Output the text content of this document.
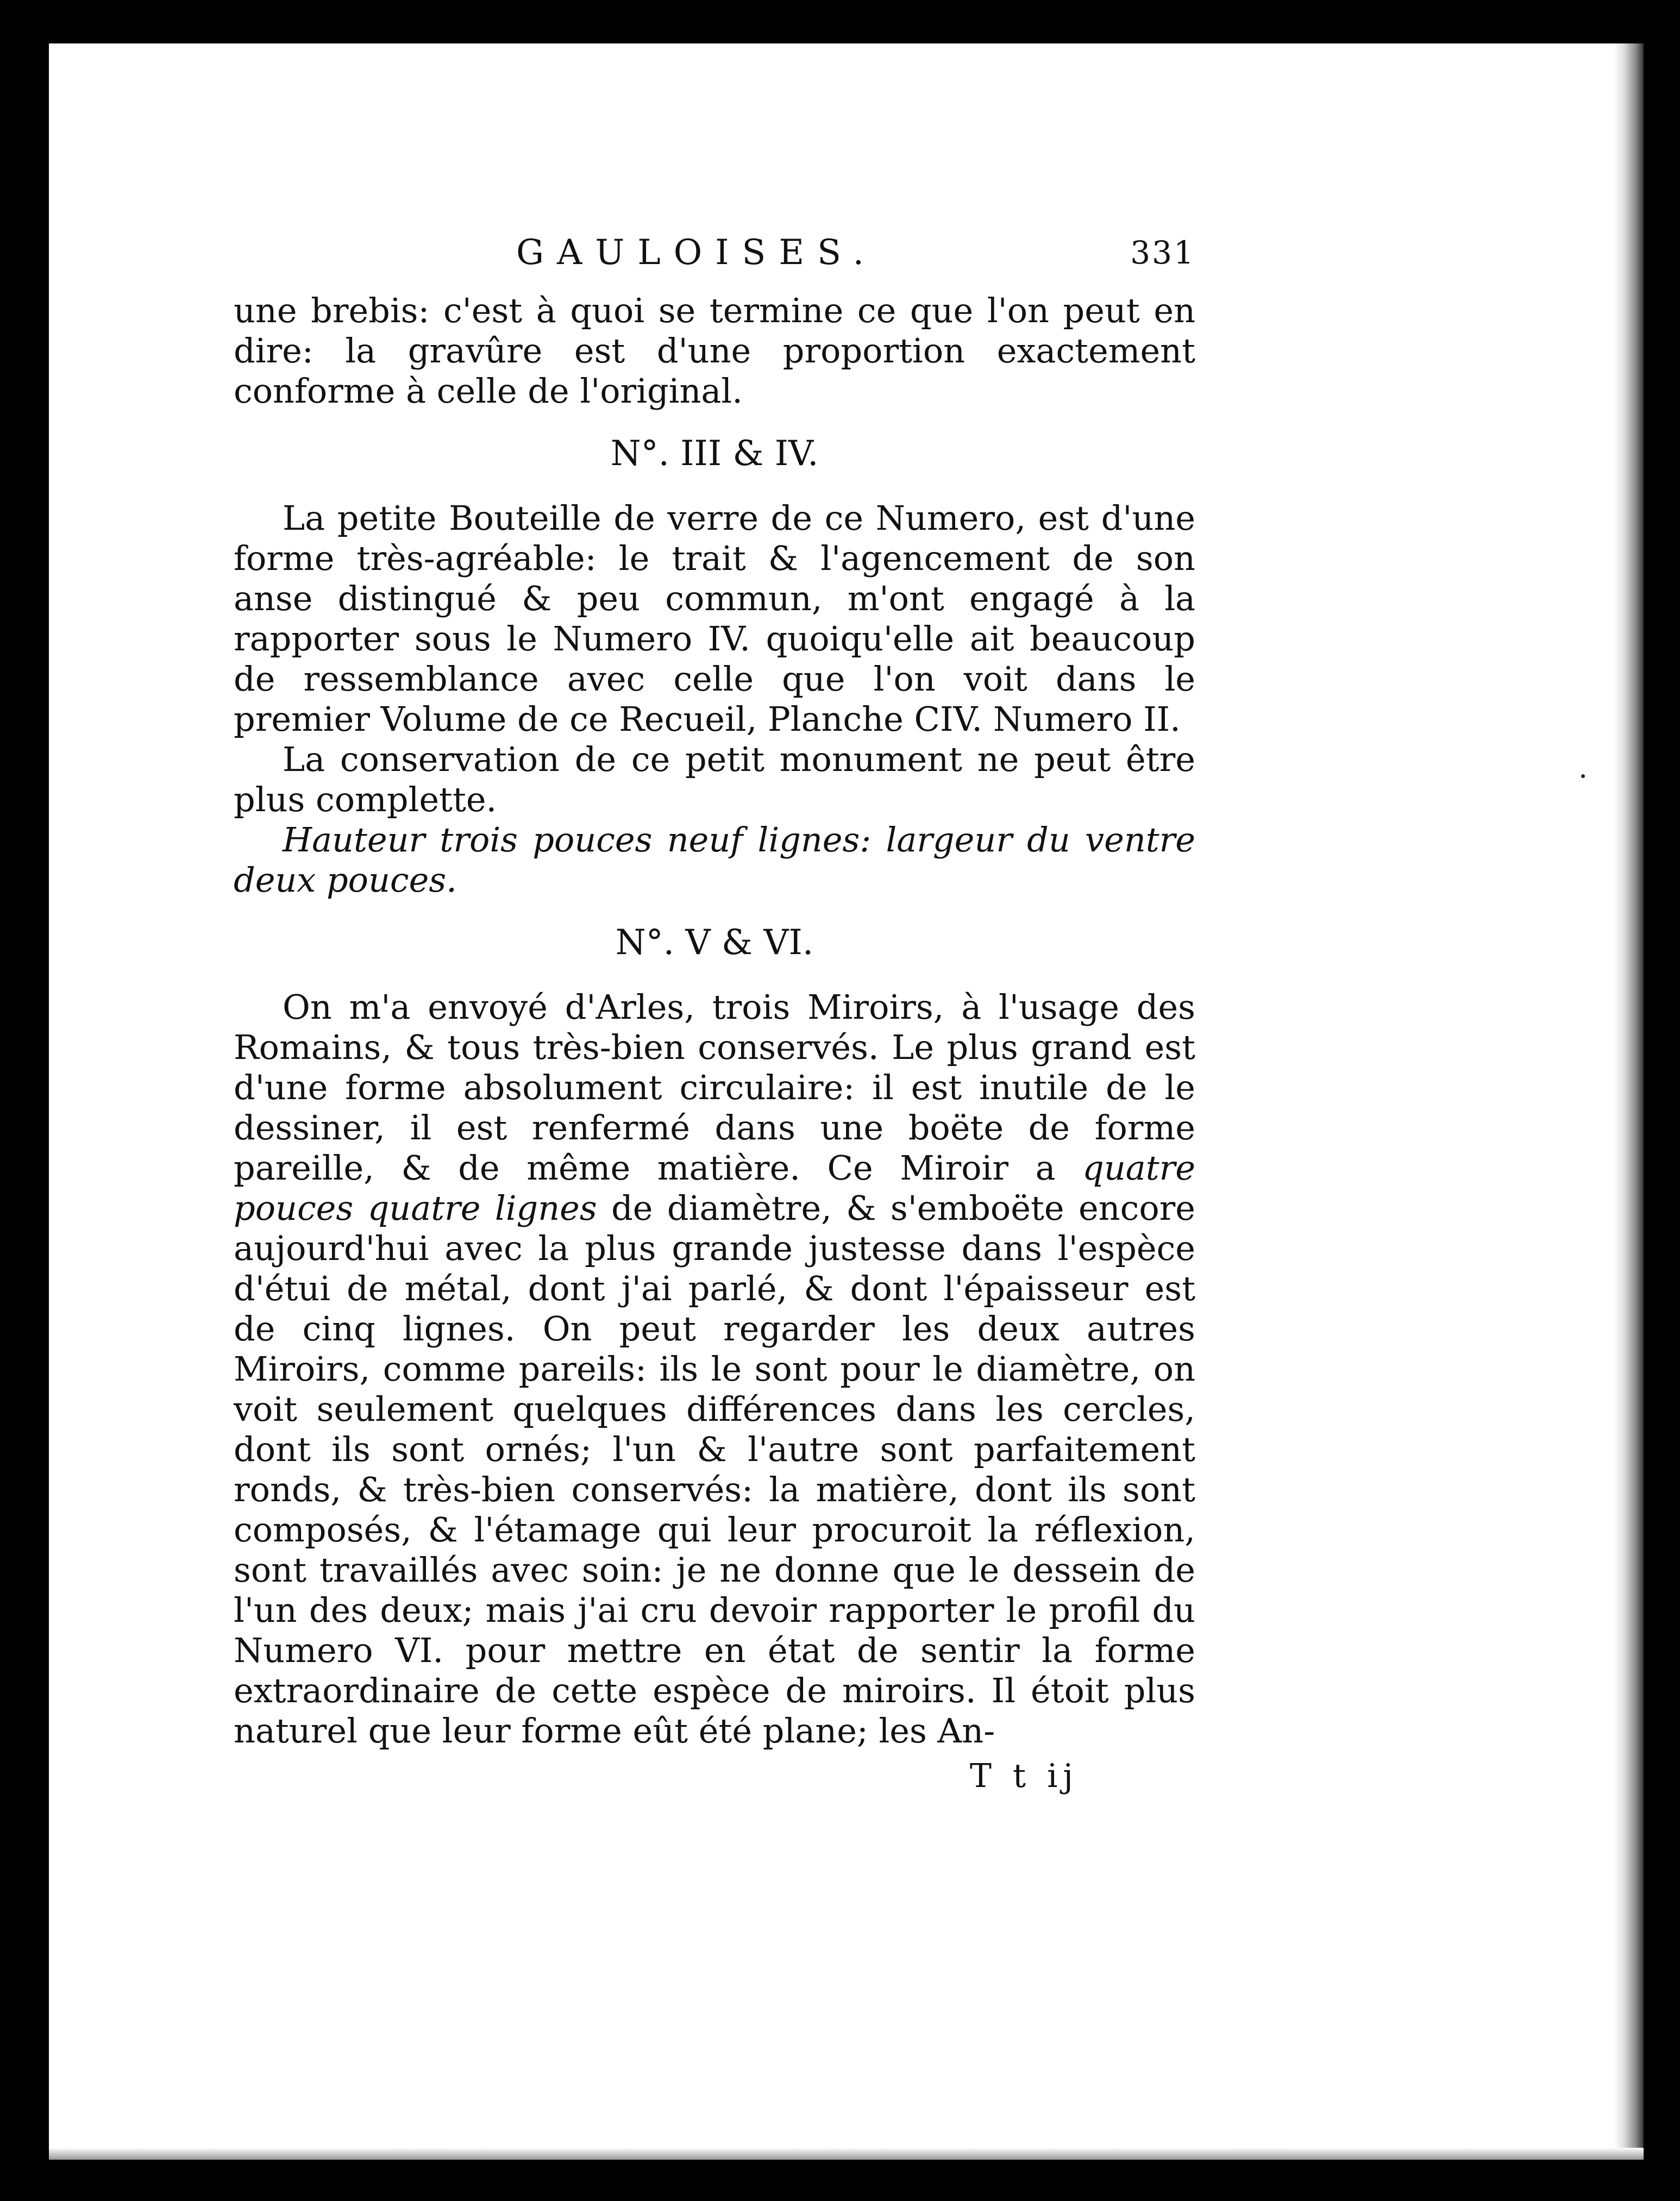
GAULOISES.	331

une brebis: c'est à quoi se termine ce que l'on peut en dire: la gravûre est d'une proportion exactement conforme à celle de l'original.

N°. III & IV.

La petite Bouteille de verre de ce Numero, est d'une forme très-agréable: le trait & l'agencement de son anse distingué & peu commun, m'ont engagé à la rapporter sous le Numero IV. quoiqu'elle ait beaucoup de ressemblance avec celle que l'on voit dans le premier Volume de ce Recueil, Planche CIV. Numero II.

La conservation de ce petit monument ne peut être plus complette.

Hauteur trois pouces neuf lignes: largeur du ventre deux pouces.

N°. V & VI.

On m'a envoyé d'Arles, trois Miroirs, à l'usage des Romains, & tous très-bien conservés. Le plus grand est d'une forme absolument circulaire: il est inutile de le dessiner, il est renfermé dans une boëte de forme pareille, & de même matière. Ce Miroir a quatre pouces quatre lignes de diamètre, & s'emboëte encore aujourd'hui avec la plus grande justesse dans l'espèce d'étui de métal, dont j'ai parlé, & dont l'épaisseur est de cinq lignes. On peut regarder les deux autres Miroirs, comme pareils: ils le sont pour le diamètre, on voit seulement quelques différences dans les cercles, dont ils sont ornés; l'un & l'autre sont parfaitement ronds, & très-bien conservés: la matière, dont ils sont composés, & l'étamage qui leur procuroit la réflexion, sont travaillés avec soin: je ne donne que le dessein de l'un des deux; mais j'ai cru devoir rapporter le profil du Numero VI. pour mettre en état de sentir la forme extraordinaire de cette espèce de miroirs. Il étoit plus naturel que leur forme eût été plane; les An-

T t ij
